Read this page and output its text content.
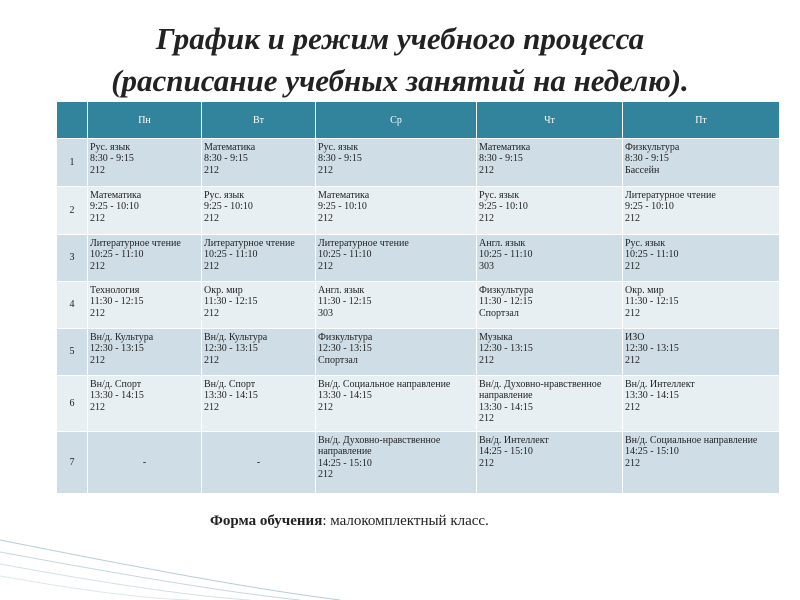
График и режим учебного процесса
(расписание учебных занятий на неделю).
	Пн	Вт	Ср	Чт	Пт
1	Рус. язык
8:30 - 9:15
212	Математика
8:30 - 9:15
212	Рус. язык
8:30 - 9:15
212	Математика
8:30 - 9:15
212	Физкультура
8:30 - 9:15
Бассейн

2	Математика
9:25 - 10:10
212	Рус. язык
9:25 - 10:10
212	Математика
9:25 - 10:10
212	Рус. язык
9:25 - 10:10
212	Литературное чтение
9:25 - 10:10
212

3	Литературное чтение
10:25 - 11:10
212	Литературное чтение
10:25 - 11:10
212	Литературное чтение
10:25 - 11:10
212	Англ. язык
10:25 - 11:10
303	Рус. язык
10:25 - 11:10
212

4	Технология
11:30 - 12:15
212	Окр. мир
11:30 - 12:15
212	Англ. язык
11:30 - 12:15
303	Физкультура
11:30 - 12:15
Спортзал	Окр. мир
11:30 - 12:15
212

5	Вн/д. Культура
12:30 - 13:15
212	Вн/д. Культура
12:30 - 13:15
212	Физкультура
12:30 - 13:15
Спортзал	Музыка
12:30 - 13:15
212	ИЗО
12:30 - 13:15
212

6	Вн/д. Спорт
13:30 - 14:15
212	Вн/д. Спорт
13:30 - 14:15
212	Вн/д. Социальное направление
13:30 - 14:15
212	Вн/д. Духовно-нравственное направление
13:30 - 14:15
212	Вн/д. Интеллект
13:30 - 14:15
212

7	-	-	Вн/д. Духовно-нравственное направление
14:25 - 15:10
212	Вн/д. Интеллект
14:25 - 15:10
212	Вн/д. Социальное направление
14:25 - 15:10
212
Форма обучения: малокомплектный класс.
